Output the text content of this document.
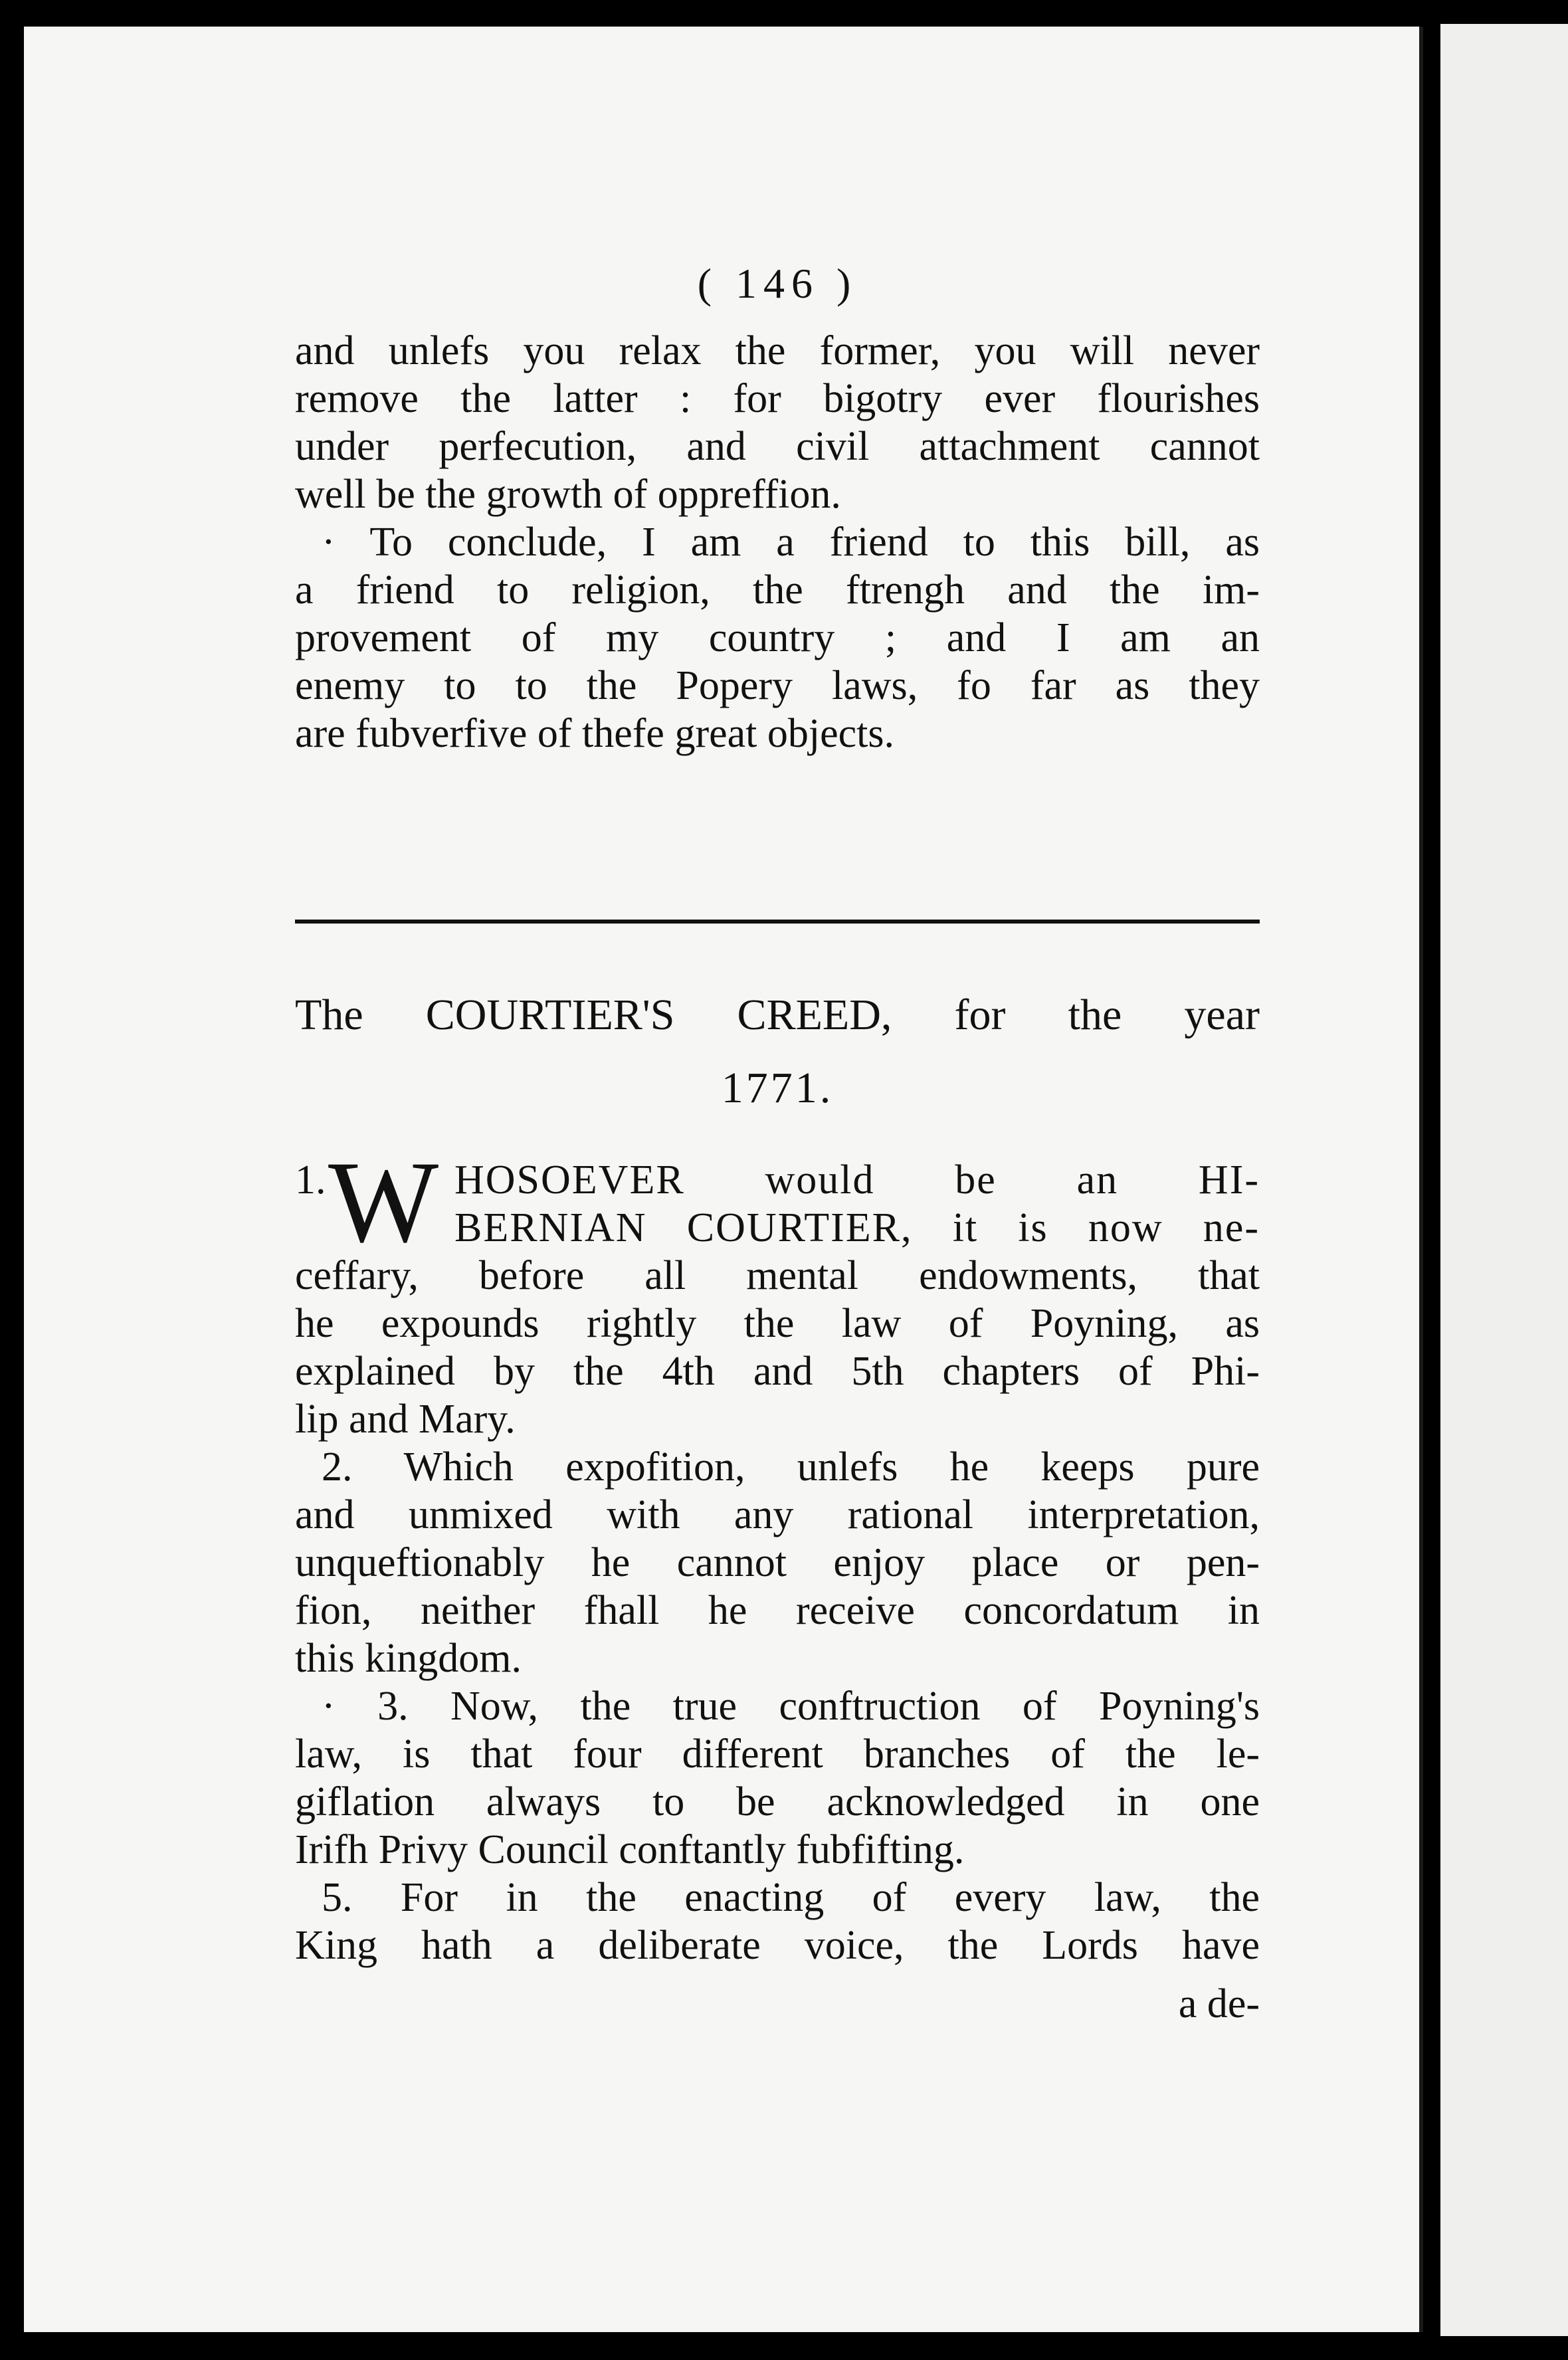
( 146 )
and unlefs you relax the former, you will never
remove the latter : for bigotry ever flourishes
under perfecution, and civil attachment cannot
well be the growth of oppreffion.
· To conclude, I am a friend to this bill, as
a friend to religion, the ftrengh and the im-
provement of my country ; and I am an
enemy to to the Popery laws, fo far as they
are fubverfive of thefe great objects.
The COURTIER'S CREED, for the year
1771.
1. W HOSOEVER would be an HI-
BERNIAN COURTIER, it is now ne-
ceffary, before all mental endowments, that
he expounds rightly the law of Poyning, as
explained by the 4th and 5th chapters of Phi-
lip and Mary.
2. Which expofition, unlefs he keeps pure
and unmixed with any rational interpretation,
unqueftionably he cannot enjoy place or pen-
fion, neither fhall he receive concordatum in
this kingdom.
· 3. Now, the true conftruction of Poyning's
law, is that four different branches of the le-
giflation always to be acknowledged in one
Irifh Privy Council conftantly fubfifting.
5. For in the enacting of every law, the
King hath a deliberate voice, the Lords have
a de-
